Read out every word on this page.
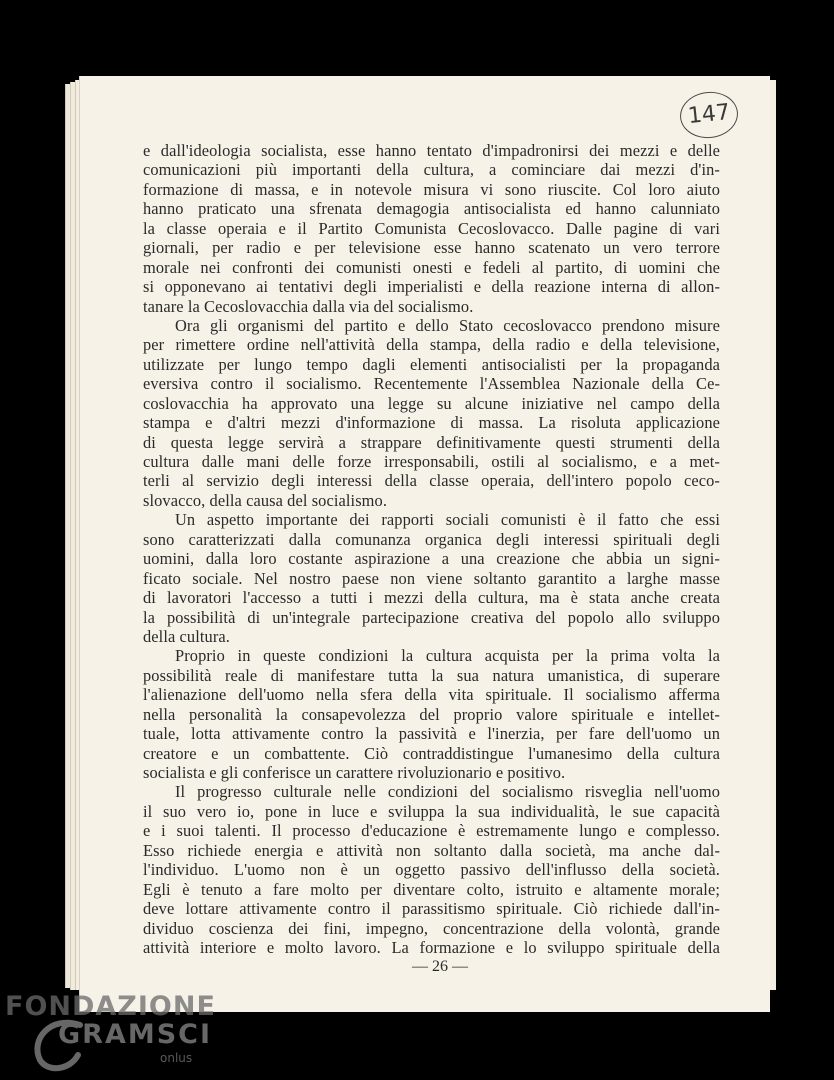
147
e dall'ideologia socialista, esse hanno tentato d'impadronirsi dei mezzi e delle
comunicazioni più importanti della cultura, a cominciare dai mezzi d'in-
formazione di massa, e in notevole misura vi sono riuscite. Col loro aiuto
hanno praticato una sfrenata demagogia antisocialista ed hanno calunniato
la classe operaia e il Partito Comunista Cecoslovacco. Dalle pagine di vari
giornali, per radio e per televisione esse hanno scatenato un vero terrore
morale nei confronti dei comunisti onesti e fedeli al partito, di uomini che
si opponevano ai tentativi degli imperialisti e della reazione interna di allon-
tanare la Cecoslovacchia dalla via del socialismo.
Ora gli organismi del partito e dello Stato cecoslovacco prendono misure
per rimettere ordine nell'attività della stampa, della radio e della televisione,
utilizzate per lungo tempo dagli elementi antisocialisti per la propaganda
eversiva contro il socialismo. Recentemente l'Assemblea Nazionale della Ce-
coslovacchia ha approvato una legge su alcune iniziative nel campo della
stampa e d'altri mezzi d'informazione di massa. La risoluta applicazione
di questa legge servirà a strappare definitivamente questi strumenti della
cultura dalle mani delle forze irresponsabili, ostili al socialismo, e a met-
terli al servizio degli interessi della classe operaia, dell'intero popolo ceco-
slovacco, della causa del socialismo.
Un aspetto importante dei rapporti sociali comunisti è il fatto che essi
sono caratterizzati dalla comunanza organica degli interessi spirituali degli
uomini, dalla loro costante aspirazione a una creazione che abbia un signi-
ficato sociale. Nel nostro paese non viene soltanto garantito a larghe masse
di lavoratori l'accesso a tutti i mezzi della cultura, ma è stata anche creata
la possibilità di un'integrale partecipazione creativa del popolo allo sviluppo
della cultura.
Proprio in queste condizioni la cultura acquista per la prima volta la
possibilità reale di manifestare tutta la sua natura umanistica, di superare
l'alienazione dell'uomo nella sfera della vita spirituale. Il socialismo afferma
nella personalità la consapevolezza del proprio valore spirituale e intellet-
tuale, lotta attivamente contro la passività e l'inerzia, per fare dell'uomo un
creatore e un combattente. Ciò contraddistingue l'umanesimo della cultura
socialista e gli conferisce un carattere rivoluzionario e positivo.
Il progresso culturale nelle condizioni del socialismo risveglia nell'uomo
il suo vero io, pone in luce e sviluppa la sua individualità, le sue capacità
e i suoi talenti. Il processo d'educazione è estremamente lungo e complesso.
Esso richiede energia e attività non soltanto dalla società, ma anche dal-
l'individuo. L'uomo non è un oggetto passivo dell'influsso della società.
Egli è tenuto a fare molto per diventare colto, istruito e altamente morale;
deve lottare attivamente contro il parassitismo spirituale. Ciò richiede dall'in-
dividuo coscienza dei fini, impegno, concentrazione della volontà, grande
attività interiore e molto lavoro. La formazione e lo sviluppo spirituale della
— 26 —
FONDAZIONE
GRAMSCI
onlus
